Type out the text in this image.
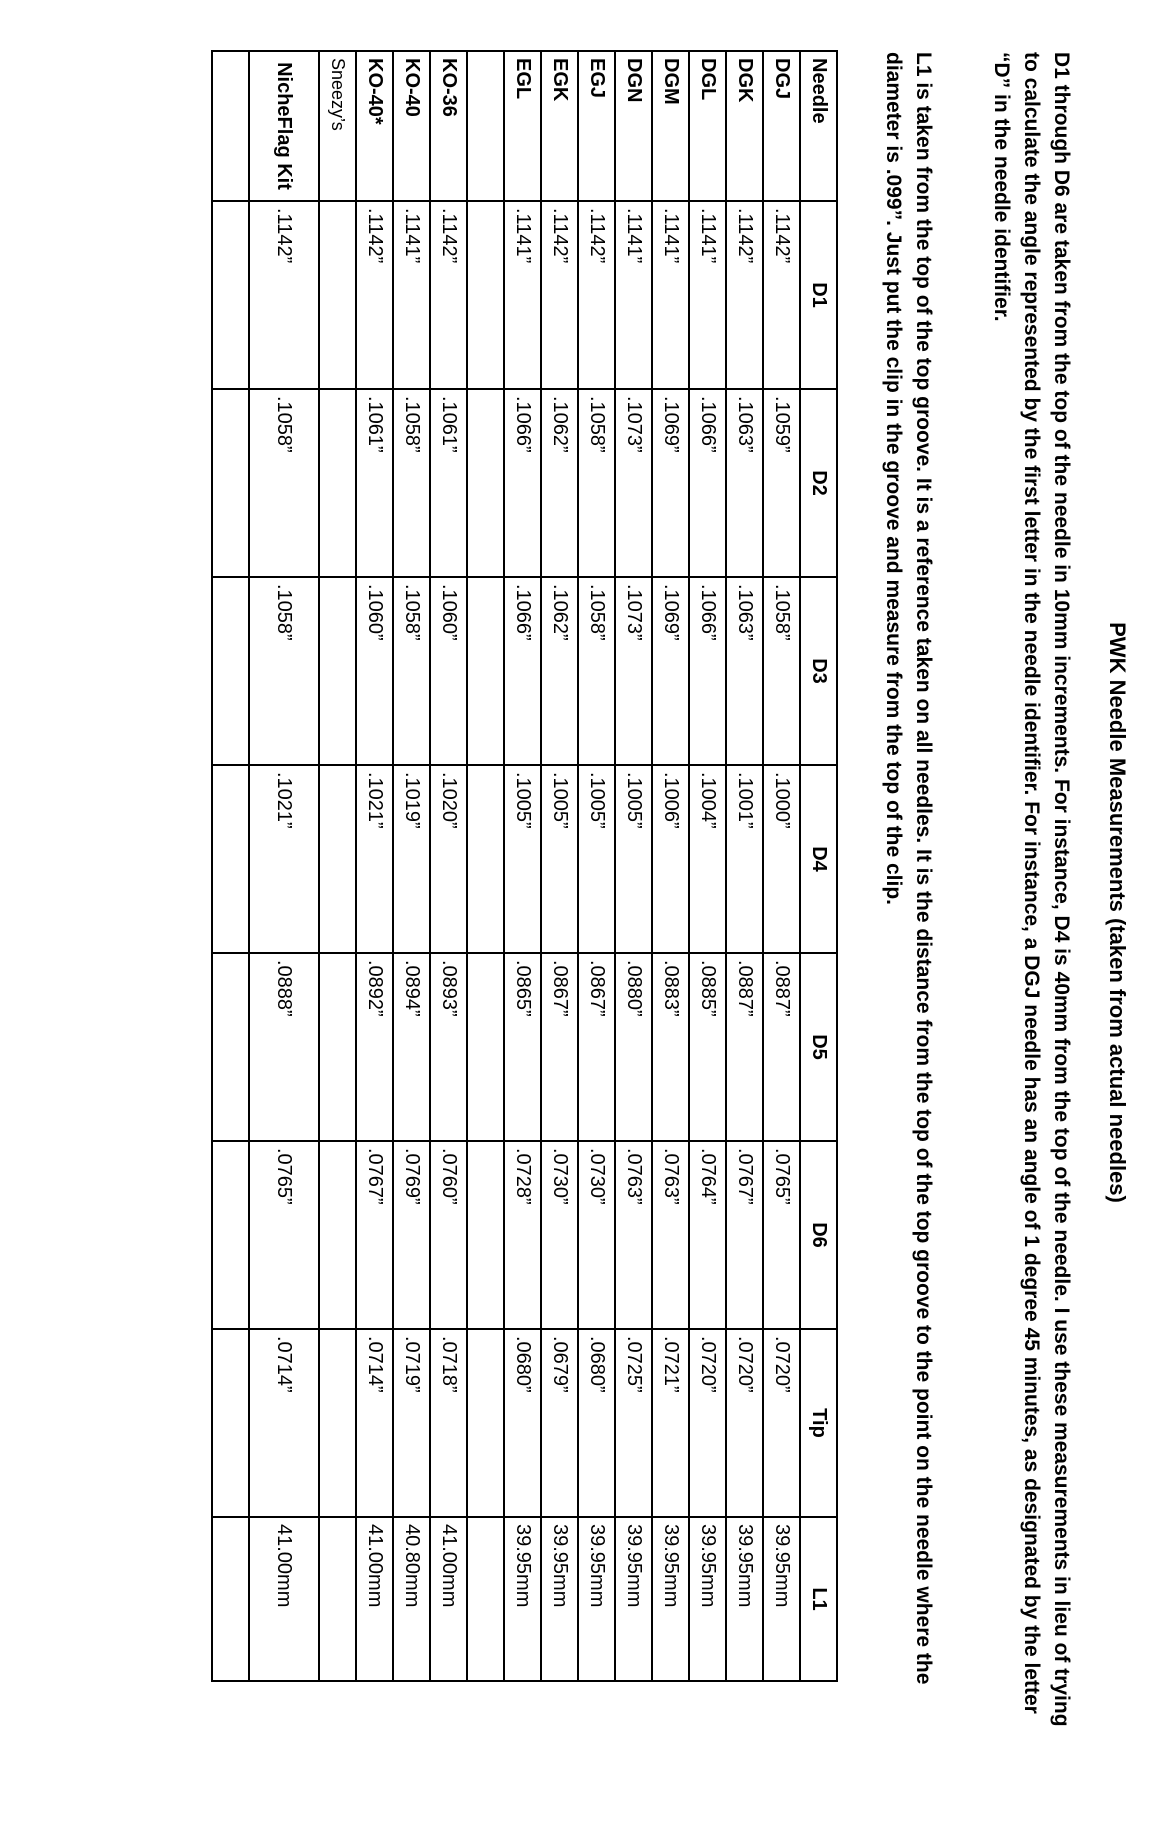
PWK Needle Measurements (taken from actual needles)
D1 through D6 are taken from the top of the needle in 10mm increments. For instance, D4 is 40mm from the top of the needle. I use these measurements in lieu of trying to calculate the angle represented by the first letter in the needle identifier. For instance, a DGJ needle has an angle of 1 degree 45 minutes, as designated by the letter “D” in the needle identifier.
L1 is taken from the top of the top groove. It is a reference taken on all needles. It is the distance from the top of the top groove to the point on the needle where the diameter is .099”. Just put the clip in the groove and measure from the top of the clip.
Needle	D1	D2	D3	D4	D5	D6	Tip	L1
DGJ	.1142”	.1059”	.1058”	.1000”	.0887”	.0765”	.0720”	39.95mm
DGK	.1142”	.1063”	.1063”	.1001”	.0887”	.0767”	.0720”	39.95mm
DGL	.1141”	.1066”	.1066”	.1004”	.0885”	.0764”	.0720”	39.95mm
DGM	.1141”	.1069”	.1069”	.1006”	.0883”	.0763”	.0721”	39.95mm
DGN	.1141”	.1073”	.1073”	.1005”	.0880”	.0763”	.0725”	39.95mm
EGJ	.1142”	.1058”	.1058”	.1005”	.0867”	.0730”	.0680”	39.95mm
EGK	.1142”	.1062”	.1062”	.1005”	.0867”	.0730”	.0679”	39.95mm
EGL	.1141”	.1066”	.1066”	.1005”	.0865”	.0728”	.0680”	39.95mm

KO-36	.1142”	.1061”	.1060”	.1020”	.0893”	.0760”	.0718”	41.00mm
KO-40	.1141”	.1058”	.1058”	.1019”	.0894”	.0769”	.0719”	40.80mm
KO-40*	.1142”	.1061”	.1060”	.1021”	.0892”	.0767”	.0714”	41.00mm
Sneezy’s								
NicheFlag Kit	.1142”	.1058”	.1058”	.1021”	.0888”	.0765”	.0714”	41.00mm
